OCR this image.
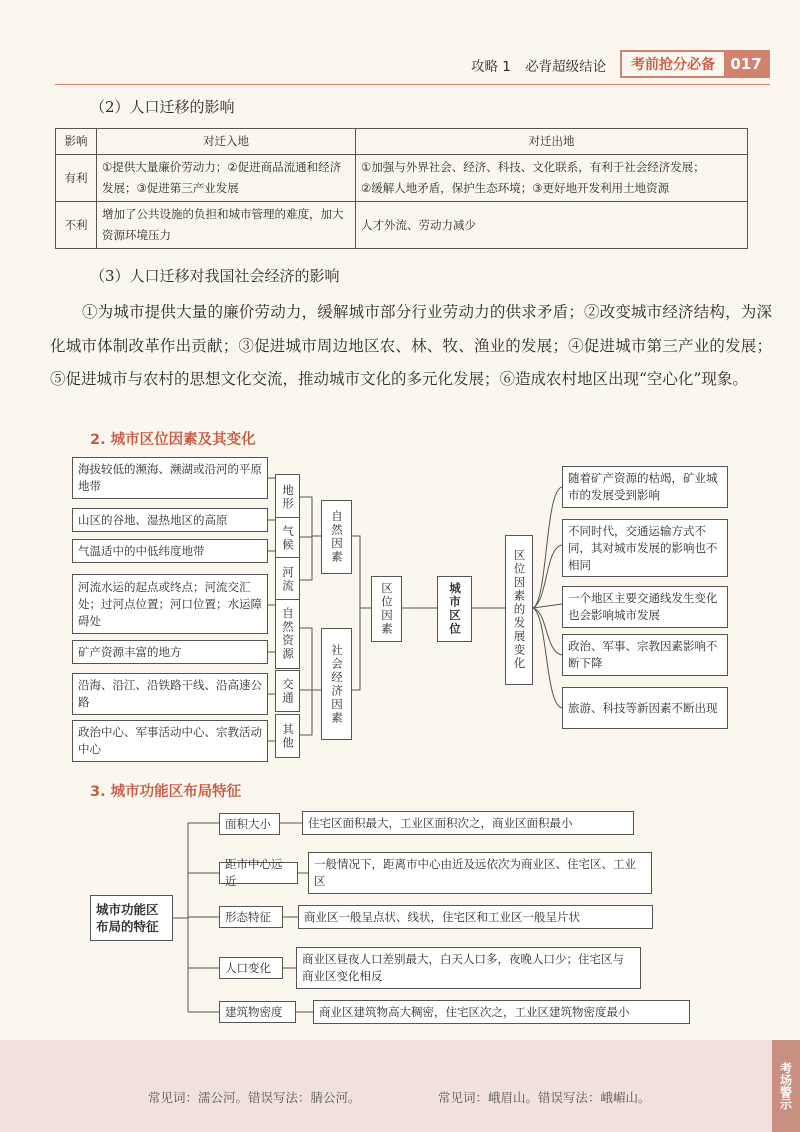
攻略 1 必背超级结论	考前抢分必备	017
（2）人口迁移的影响
影响	对迁入地	对迁出地
有利	①提供大量廉价劳动力；②促进商品流通和经济发展；③促进第三产业发展	①加强与外界社会、经济、科技、文化联系，有利于社会经济发展；
②缓解人地矛盾，保护生态环境；③更好地开发利用土地资源

不利	增加了公共设施的负担和城市管理的难度，加大资源环境压力	人才外流、劳动力减少
（3）人口迁移对我国社会经济的影响
①为城市提供大量的廉价劳动力，缓解城市部分行业劳动力的供求矛盾；②改变城市经济结构，为深化城市体制改革作出贡献；③促进城市周边地区农、林、牧、渔业的发展；④促进城市第三产业的发展；⑤促进城市与农村的思想文化交流，推动城市文化的多元化发展；⑥造成农村地区出现“空心化”现象。
2. 城市区位因素及其变化
海拔较低的濒海、濒湖或沿河的平原地带
山区的谷地、湿热地区的高原
气温适中的中低纬度地带
河流水运的起点或终点；河流交汇处；过河点位置；河口位置；水运障碍处
矿产资源丰富的地方
沿海、沿江、沿铁路干线、沿高速公路
政治中心、军事活动中心、宗教活动中心
地形
气候
河流
自然资源
交通
其他
自然因素
社会经济因素
区位因素	城市区位	区位因素的发展变化
随着矿产资源的枯竭，矿业城市的发展受到影响
不同时代，交通运输方式不同，其对城市发展的影响也不相同
一个地区主要交通线发生变化也会影响城市发展
政治、军事、宗教因素影响不断下降
旅游、科技等新因素不断出现
3. 城市功能区布局特征
城市功能区布局的特征
面积大小	住宅区面积最大，工业区面积次之，商业区面积最小
距市中心远近
一般情况下，距离市中心由近及远依次为商业区、住宅区、工业区
形态特征	商业区一般呈点状、线状，住宅区和工业区一般呈片状
人口变化
商业区昼夜人口差别最大，白天人口多，夜晚人口少；住宅区与商业区变化相反
建筑物密度	商业区建筑物高大稠密，住宅区次之，工业区建筑物密度最小
常见词：濡公河。错误写法：腈公河。	常见词：峨眉山。错误写法：峨嵋山。	考场警示
